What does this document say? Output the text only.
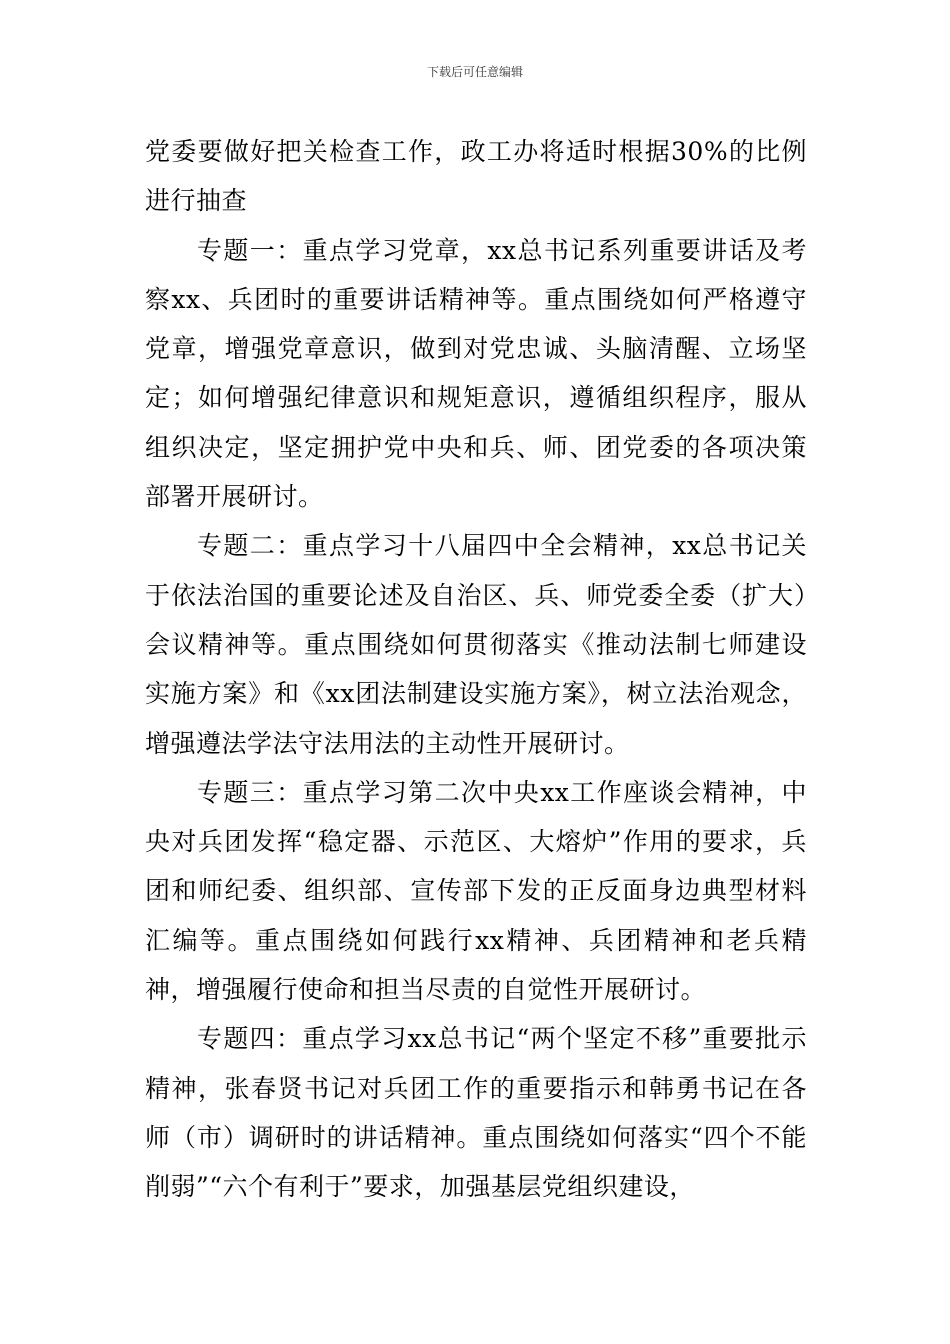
下载后可任意编辑

党委要做好把关检查工作，政工办将适时根据30%的比例进行抽查

专题一：重点学习党章，xx总书记系列重要讲话及考察xx、兵团时的重要讲话精神等。重点围绕如何严格遵守党章，增强党章意识，做到对党忠诚、头脑清醒、立场坚定；如何增强纪律意识和规矩意识，遵循组织程序，服从组织决定，坚定拥护党中央和兵、师、团党委的各项决策部署开展研讨。

专题二：重点学习十八届四中全会精神，xx总书记关于依法治国的重要论述及自治区、兵、师党委全委（扩大）会议精神等。重点围绕如何贯彻落实《推动法制七师建设实施方案》和《xx团法制建设实施方案》，树立法治观念，增强遵法学法守法用法的主动性开展研讨。

专题三：重点学习第二次中央xx工作座谈会精神，中央对兵团发挥“稳定器、示范区、大熔炉”作用的要求，兵团和师纪委、组织部、宣传部下发的正反面身边典型材料汇编等。重点围绕如何践行xx精神、兵团精神和老兵精神，增强履行使命和担当尽责的自觉性开展研讨。

专题四：重点学习xx总书记“两个坚定不移”重要批示精神，张春贤书记对兵团工作的重要指示和韩勇书记在各师（市）调研时的讲话精神。重点围绕如何落实“四个不能削弱”“六个有利于”要求，加强基层党组织建设，
